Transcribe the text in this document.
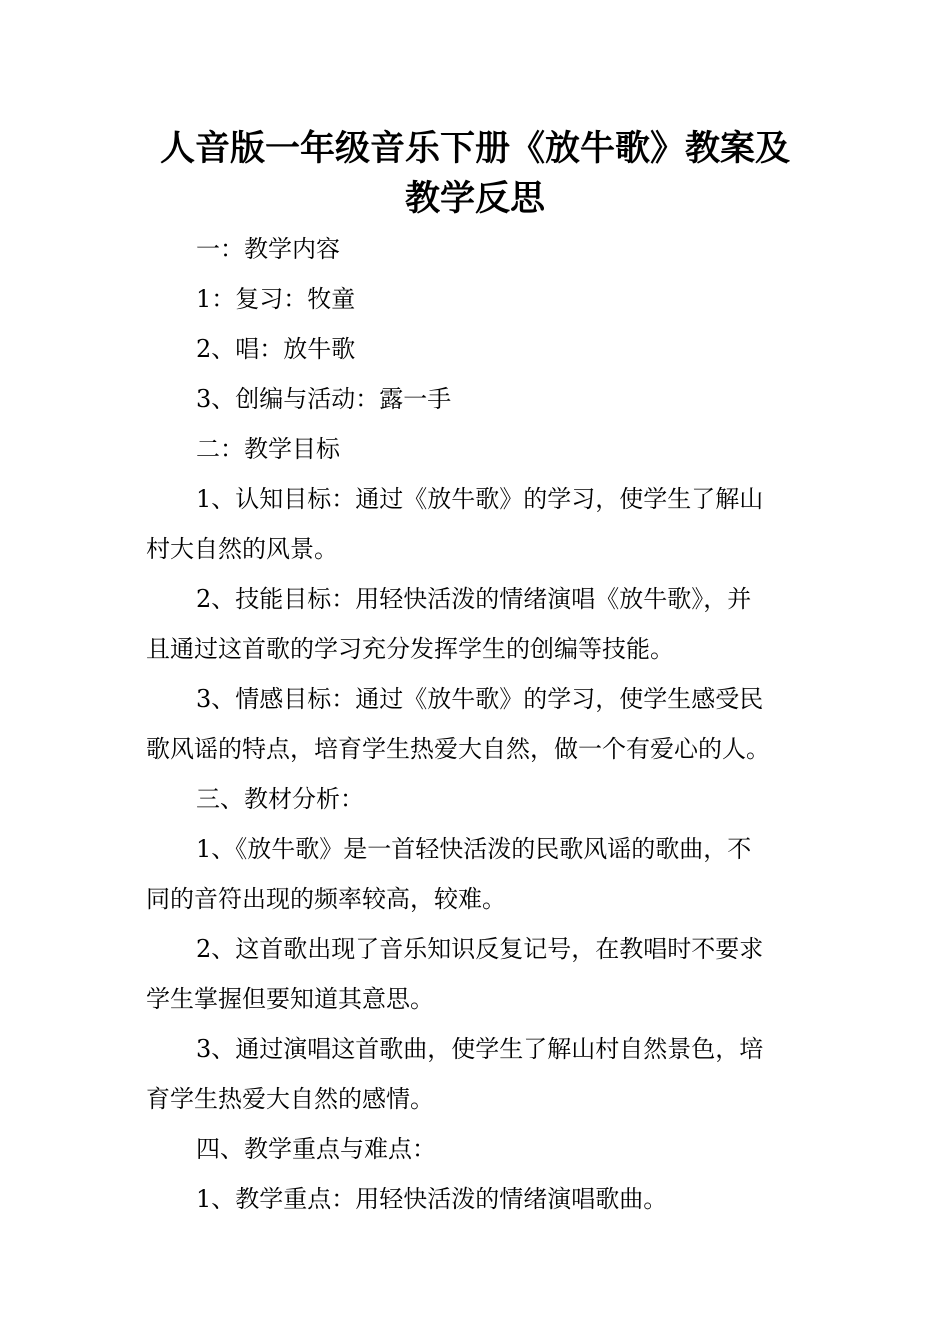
人音版一年级音乐下册《放牛歌》教案及
教学反思
一：教学内容
1：复习：牧童
2、唱：放牛歌
3、创编与活动：露一手
二：教学目标
1、认知目标：通过《放牛歌》的学习，使学生了解山
村大自然的风景。
2、技能目标：用轻快活泼的情绪演唱《放牛歌》，并
且通过这首歌的学习充分发挥学生的创编等技能。
3、情感目标：通过《放牛歌》的学习，使学生感受民
歌风谣的特点，培育学生热爱大自然，做一个有爱心的人。
三、教材分析：
1、《放牛歌》是一首轻快活泼的民歌风谣的歌曲，不
同的音符出现的频率较高，较难。
2、这首歌出现了音乐知识反复记号，在教唱时不要求
学生掌握但要知道其意思。
3、通过演唱这首歌曲，使学生了解山村自然景色，培
育学生热爱大自然的感情。
四、教学重点与难点：
1、教学重点：用轻快活泼的情绪演唱歌曲。
